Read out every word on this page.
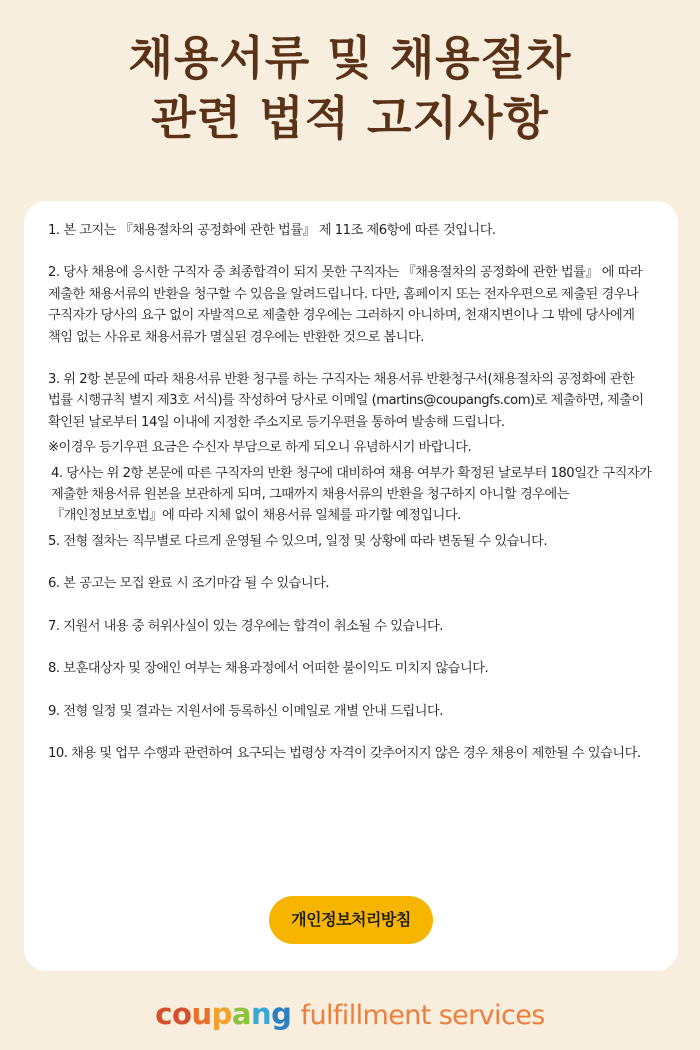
채용서류 및 채용절차
관련 법적 고지사항
1. 본 고지는 『채용절차의 공정화에 관한 법률』 제 11조 제6항에 따른 것입니다.
2. 당사 채용에 응시한 구직자 중 최종합격이 되지 못한 구직자는 『채용절차의 공정화에 관한 법률』 에 따라 제출한 채용서류의 반환을 청구할 수 있음을 알려드립니다. 다만, 홈페이지 또는 전자우편으로 제출된 경우나 구직자가 당사의 요구 없이 자발적으로 제출한 경우에는 그러하지 아니하며, 천재지변이나 그 밖에 당사에게 책임 없는 사유로 채용서류가 멸실된 경우에는 반환한 것으로 봅니다.
3. 위 2항 본문에 따라 채용서류 반환 청구를 하는 구직자는 채용서류 반환청구서(채용절차의 공정화에 관한 법률 시행규칙 별지 제3호 서식)를 작성하여 당사로 이메일 (martins@coupangfs.com)로 제출하면, 제출이 확인된 날로부터 14일 이내에 지정한 주소지로 등기우편을 통하여 발송해 드립니다.
※이경우 등기우편 요금은 수신자 부담으로 하게 되오니 유념하시기 바랍니다.
4. 당사는 위 2항 본문에 따른 구직자의 반환 청구에 대비하여 채용 여부가 확정된 날로부터 180일간 구직자가 제출한 채용서류 원본을 보관하게 되며, 그때까지 채용서류의 반환을 청구하지 아니할 경우에는 『개인정보보호법』에 따라 지체 없이 채용서류 일체를 파기할 예정입니다.
5. 전형 절차는 직무별로 다르게 운영될 수 있으며, 일정 및 상황에 따라 변동될 수 있습니다.
6. 본 공고는 모집 완료 시 조기마감 될 수 있습니다.
7. 지원서 내용 중 허위사실이 있는 경우에는 합격이 취소될 수 있습니다.
8. 보훈대상자 및 장애인 여부는 채용과정에서 어떠한 불이익도 미치지 않습니다.
9. 전형 일정 및 결과는 지원서에 등록하신 이메일로 개별 안내 드립니다.
10. 채용 및 업무 수행과 관련하여 요구되는 법령상 자격이 갖추어지지 않은 경우 채용이 제한될 수 있습니다.
개인정보처리방침
coupang fulfillment services
